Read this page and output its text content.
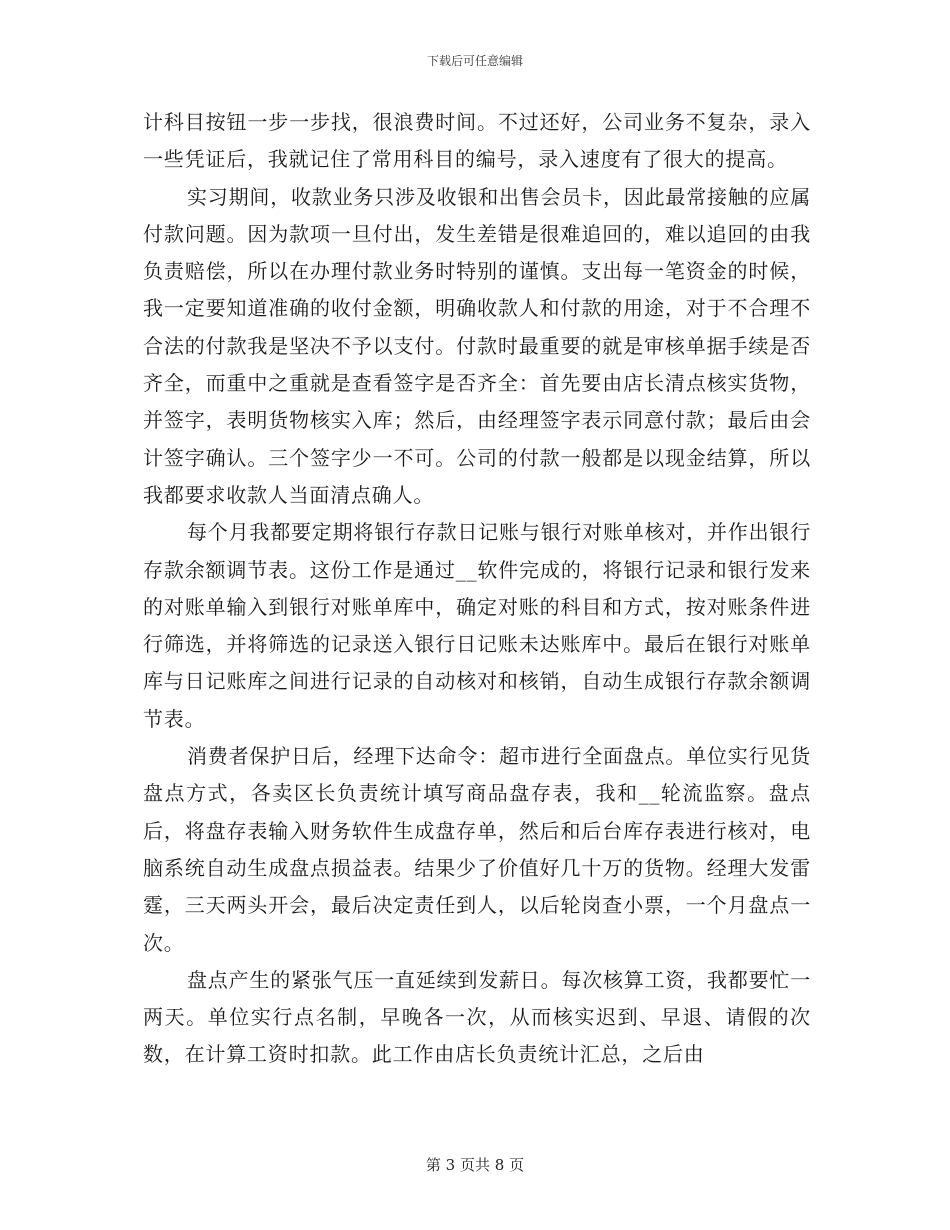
下载后可任意编辑

计科目按钮一步一步找，很浪费时间。不过还好，公司业务不复杂，录入一些凭证后，我就记住了常用科目的编号，录入速度有了很大的提高。

实习期间，收款业务只涉及收银和出售会员卡，因此最常接触的应属付款问题。因为款项一旦付出，发生差错是很难追回的，难以追回的由我负责赔偿，所以在办理付款业务时特别的谨慎。支出每一笔资金的时候，我一定要知道准确的收付金额，明确收款人和付款的用途，对于不合理不合法的付款我是坚决不予以支付。付款时最重要的就是审核单据手续是否齐全，而重中之重就是查看签字是否齐全：首先要由店长清点核实货物，并签字，表明货物核实入库；然后，由经理签字表示同意付款；最后由会计签字确认。三个签字少一不可。公司的付款一般都是以现金结算，所以我都要求收款人当面清点确人。

每个月我都要定期将银行存款日记账与银行对账单核对，并作出银行存款余额调节表。这份工作是通过__软件完成的，将银行记录和银行发来的对账单输入到银行对账单库中，确定对账的科目和方式，按对账条件进行筛选，并将筛选的记录送入银行日记账未达账库中。最后在银行对账单库与日记账库之间进行记录的自动核对和核销，自动生成银行存款余额调节表。

消费者保护日后，经理下达命令：超市进行全面盘点。单位实行见货盘点方式，各卖区长负责统计填写商品盘存表，我和__轮流监察。盘点后，将盘存表输入财务软件生成盘存单，然后和后台库存表进行核对，电脑系统自动生成盘点损益表。结果少了价值好几十万的货物。经理大发雷霆，三天两头开会，最后决定责任到人，以后轮岗查小票，一个月盘点一次。

盘点产生的紧张气压一直延续到发薪日。每次核算工资，我都要忙一两天。单位实行点名制，早晚各一次，从而核实迟到、早退、请假的次数，在计算工资时扣款。此工作由店长负责统计汇总，之后由

第 3 页共 8 页
